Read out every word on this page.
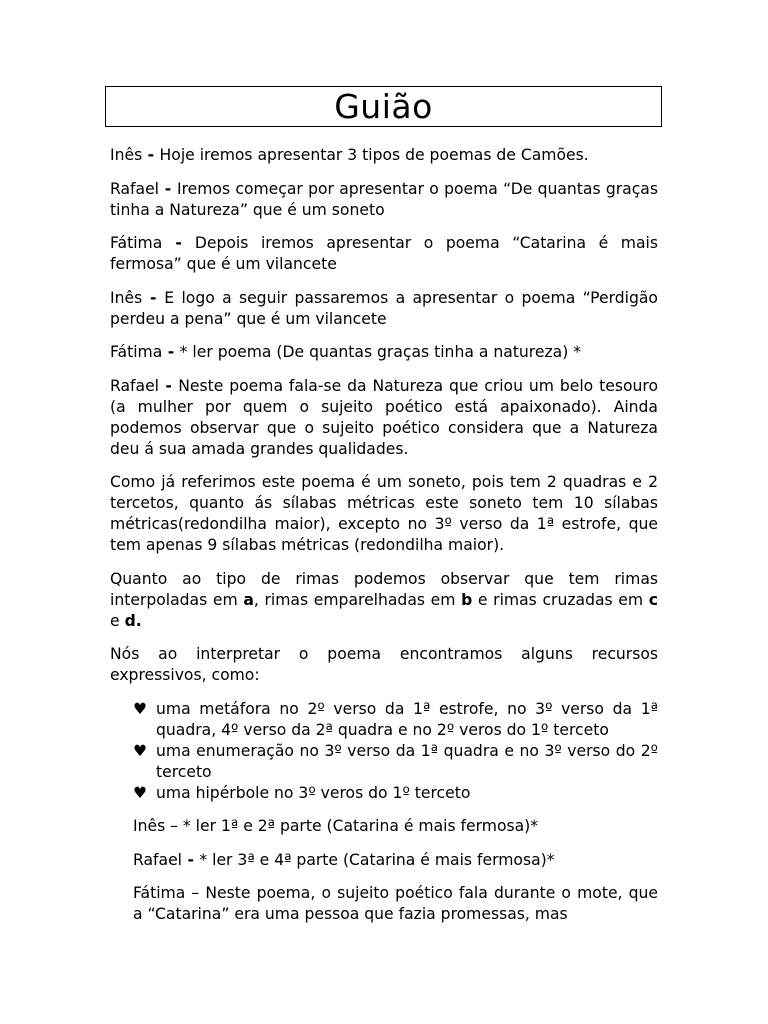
Guião

Inês - Hoje iremos apresentar 3 tipos de poemas de Camões.

Rafael - Iremos começar por apresentar o poema “De quantas graças tinha a Natureza” que é um soneto

Fátima - Depois iremos apresentar o poema “Catarina é mais fermosa” que é um vilancete

Inês - E logo a seguir passaremos a apresentar o poema “Perdigão perdeu a pena” que é um vilancete

Fátima - * ler poema (De quantas graças tinha a natureza) *

Rafael - Neste poema fala-se da Natureza que criou um belo tesouro (a mulher por quem o sujeito poético está apaixonado). Ainda podemos observar que o sujeito poético considera que a Natureza deu á sua amada grandes qualidades.

Como já referimos este poema é um soneto, pois tem 2 quadras e 2 tercetos, quanto ás sílabas métricas este soneto tem 10 sílabas métricas(redondilha maior), excepto no 3º verso da 1ª estrofe, que tem apenas 9 sílabas métricas (redondilha maior).

Quanto ao tipo de rimas podemos observar que tem rimas interpoladas em a, rimas emparelhadas em b e rimas cruzadas em c e d.

Nós ao interpretar o poema encontramos alguns recursos expressivos, como:

♥ uma metáfora no 2º verso da 1ª estrofe, no 3º verso da 1ª quadra, 4º verso da 2ª quadra e no 2º veros do 1º terceto
♥ uma enumeração no 3º verso da 1ª quadra e no 3º verso do 2º terceto
♥ uma hipérbole no 3º veros do 1º terceto

Inês – * ler 1ª e 2ª parte (Catarina é mais fermosa)*

Rafael - * ler 3ª e 4ª parte (Catarina é mais fermosa)*

Fátima – Neste poema, o sujeito poético fala durante o mote, que a “Catarina” era uma pessoa que fazia promessas, mas
